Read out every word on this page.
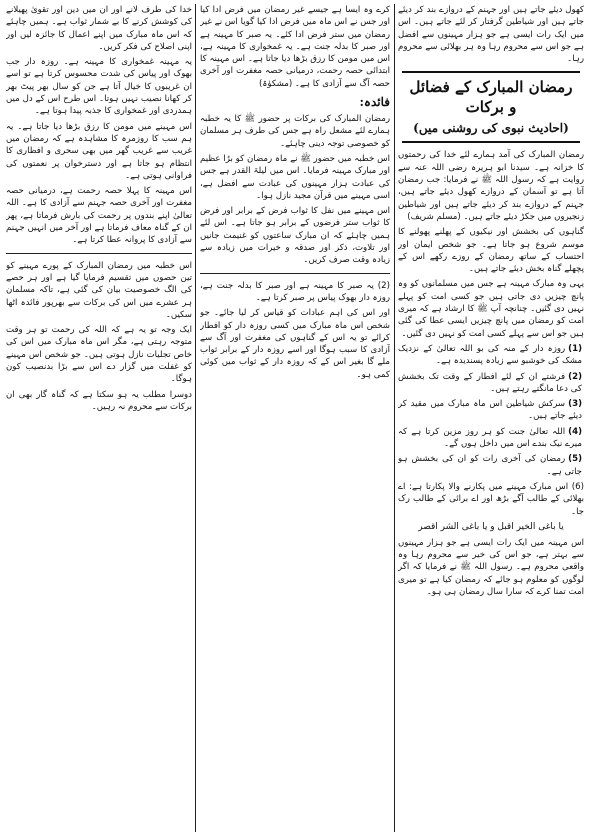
کھول دیئے جاتے ہیں اور جہنم کے دروازے بند کر دیئے جاتے ہیں اور شیاطین گرفتار کر لئے جاتے ہیں۔ اس میں ایک رات ایسی ہے جو ہزار مہینوں سے افضل ہے جو اس سے محروم رہا وہ ہر بھلائی سے محروم رہا۔

رمضان المبارک کے فضائل و برکات
(احادیث نبوی کی روشنی میں)

رمضان المبارک کی آمد ہمارے لئے خدا کی رحمتوں کا خزانہ ہے۔ سیدنا ابو ہریرہ رضی اللہ عنہ سے روایت ہے کہ رسول اللہ ﷺ نے فرمایا: جب رمضان آتا ہے تو آسمان کے دروازے کھول دیئے جاتے ہیں، جہنم کے دروازے بند کر دیئے جاتے ہیں اور شیاطین زنجیروں میں جکڑ دیئے جاتے ہیں۔ (مسلم شریف)

گناہوں کی بخشش اور نیکیوں کے پھلنے پھولنے کا موسم شروع ہو جاتا ہے۔ جو شخص ایمان اور احتساب کے ساتھ رمضان کے روزے رکھے اس کے پچھلے گناہ بخش دیئے جاتے ہیں۔

یہی وہ مبارک مہینہ ہے جس میں مسلمانوں کو وہ پانچ چیزیں دی جاتی ہیں جو کسی امت کو پہلے نہیں دی گئیں۔ چنانچہ آپ ﷺ کا ارشاد ہے کہ میری امت کو رمضان میں پانچ چیزیں ایسی عطا کی گئی ہیں جو اس سے پہلے کسی امت کو نہیں دی گئیں۔

(1)روزہ دار کے منہ کی بو اللہ تعالیٰ کے نزدیک مشک کی خوشبو سے زیادہ پسندیدہ ہے۔
(2)فرشتے ان کے لئے افطار کے وقت تک بخشش کی دعا مانگتے رہتے ہیں۔
(3)سرکش شیاطین اس ماہ مبارک میں مقید کر دیئے جاتے ہیں۔
(4)اللہ تعالیٰ جنت کو ہر روز مزین کرتا ہے کہ میرے نیک بندے اس میں داخل ہوں گے۔
(5)رمضان کی آخری رات کو ان کی بخشش ہو جاتی ہے۔

(6) اس مبارک مہینے میں پکارنے والا پکارتا ہے: اے بھلائی کے طالب آگے بڑھ اور اے برائی کے طالب رک جا۔

یا باغی الخیر اقبل و یا باغی الشر اقصر

اس مہینہ میں ایک رات ایسی ہے جو ہزار مہینوں سے بہتر ہے، جو اس کی خیر سے محروم رہا وہ واقعی محروم ہے۔ رسول اللہ ﷺ نے فرمایا کہ اگر لوگوں کو معلوم ہو جائے کہ رمضان کیا ہے تو میری امت تمنا کرے کہ سارا سال رمضان ہی ہو۔

کرے وہ ایسا ہے جیسے غیر رمضان میں فرض ادا کیا اور جس نے اس ماہ میں فرض ادا کیا گویا اس نے غیر رمضان میں ستر فرض ادا کئے۔ یہ صبر کا مہینہ ہے اور صبر کا بدلہ جنت ہے۔ یہ غمخواری کا مہینہ ہے، اس میں مومن کا رزق بڑھا دیا جاتا ہے۔ اس مہینہ کا ابتدائی حصہ رحمت، درمیانی حصہ مغفرت اور آخری حصہ آگ سے آزادی کا ہے۔ (مشکوٰۃ)

فائدہ:

رمضان المبارک کی برکات پر حضور ﷺ کا یہ خطبہ ہمارے لئے مشعل راہ ہے جس کی طرف ہر مسلمان کو خصوصی توجہ دینی چاہئے۔

اس خطبہ میں حضور ﷺ نے ماہ رمضان کو بڑا عظیم اور مبارک مہینہ فرمایا۔ اس میں لیلۃ القدر ہے جس کی عبادت ہزار مہینوں کی عبادت سے افضل ہے، اسی مہینے میں قرآن مجید نازل ہوا۔

اس مہینے میں نفل کا ثواب فرض کے برابر اور فرض کا ثواب ستر فرضوں کے برابر ہو جاتا ہے۔ اس لئے ہمیں چاہئے کہ ان مبارک ساعتوں کو غنیمت جانیں اور تلاوت، ذکر اور صدقہ و خیرات میں زیادہ سے زیادہ وقت صرف کریں۔

(2) یہ صبر کا مہینہ ہے اور صبر کا بدلہ جنت ہے، روزہ دار بھوک پیاس پر صبر کرتا ہے۔

اور اس کی اہم عبادات کو قیاس کر لیا جائے۔ جو شخص اس ماہ مبارک میں کسی روزہ دار کو افطار کرائے تو یہ اس کے گناہوں کی مغفرت اور آگ سے آزادی کا سبب ہوگا اور اسے روزہ دار کے برابر ثواب ملے گا بغیر اس کے کہ روزہ دار کے ثواب میں کوئی کمی ہو۔

خدا کی طرف لانے اور ان میں دین اور تقویٰ پھیلانے کی کوشش کرنے کا بے شمار ثواب ہے۔ ہمیں چاہئے کہ اس ماہ مبارک میں اپنے اعمال کا جائزہ لیں اور اپنی اصلاح کی فکر کریں۔

یہ مہینہ غمخواری کا مہینہ ہے۔ روزہ دار جب بھوک اور پیاس کی شدت محسوس کرتا ہے تو اسے ان غریبوں کا خیال آتا ہے جن کو سال بھر پیٹ بھر کر کھانا نصیب نہیں ہوتا۔ اس طرح اس کے دل میں ہمدردی اور غمخواری کا جذبہ پیدا ہوتا ہے۔

اس مہینے میں مومن کا رزق بڑھا دیا جاتا ہے۔ یہ ہم سب کا روزمرہ کا مشاہدہ ہے کہ رمضان میں غریب سے غریب گھر میں بھی سحری و افطاری کا انتظام ہو جاتا ہے اور دسترخوان پر نعمتوں کی فراوانی ہوتی ہے۔

اس مہینہ کا پہلا حصہ رحمت ہے، درمیانی حصہ مغفرت اور آخری حصہ جہنم سے آزادی کا ہے۔ اللہ تعالیٰ اپنے بندوں پر رحمت کی بارش فرماتا ہے، پھر ان کے گناہ معاف فرماتا ہے اور آخر میں انہیں جہنم سے آزادی کا پروانہ عطا کرتا ہے۔

اس خطبہ میں رمضان المبارک کے پورے مہینے کو تین حصوں میں تقسیم فرمایا گیا ہے اور ہر حصے کی الگ خصوصیت بیان کی گئی ہے، تاکہ مسلمان ہر عشرے میں اس کی برکات سے بھرپور فائدہ اٹھا سکیں۔

ایک وجہ تو یہ ہے کہ اللہ کی رحمت تو ہر وقت متوجہ رہتی ہے، مگر اس ماہ مبارک میں اس کی خاص تجلیات نازل ہوتی ہیں۔ جو شخص اس مہینے کو غفلت میں گزار دے اس سے بڑا بدنصیب کون ہوگا۔

دوسرا مطلب یہ ہو سکتا ہے کہ گناہ گار بھی ان برکات سے محروم نہ رہیں۔
